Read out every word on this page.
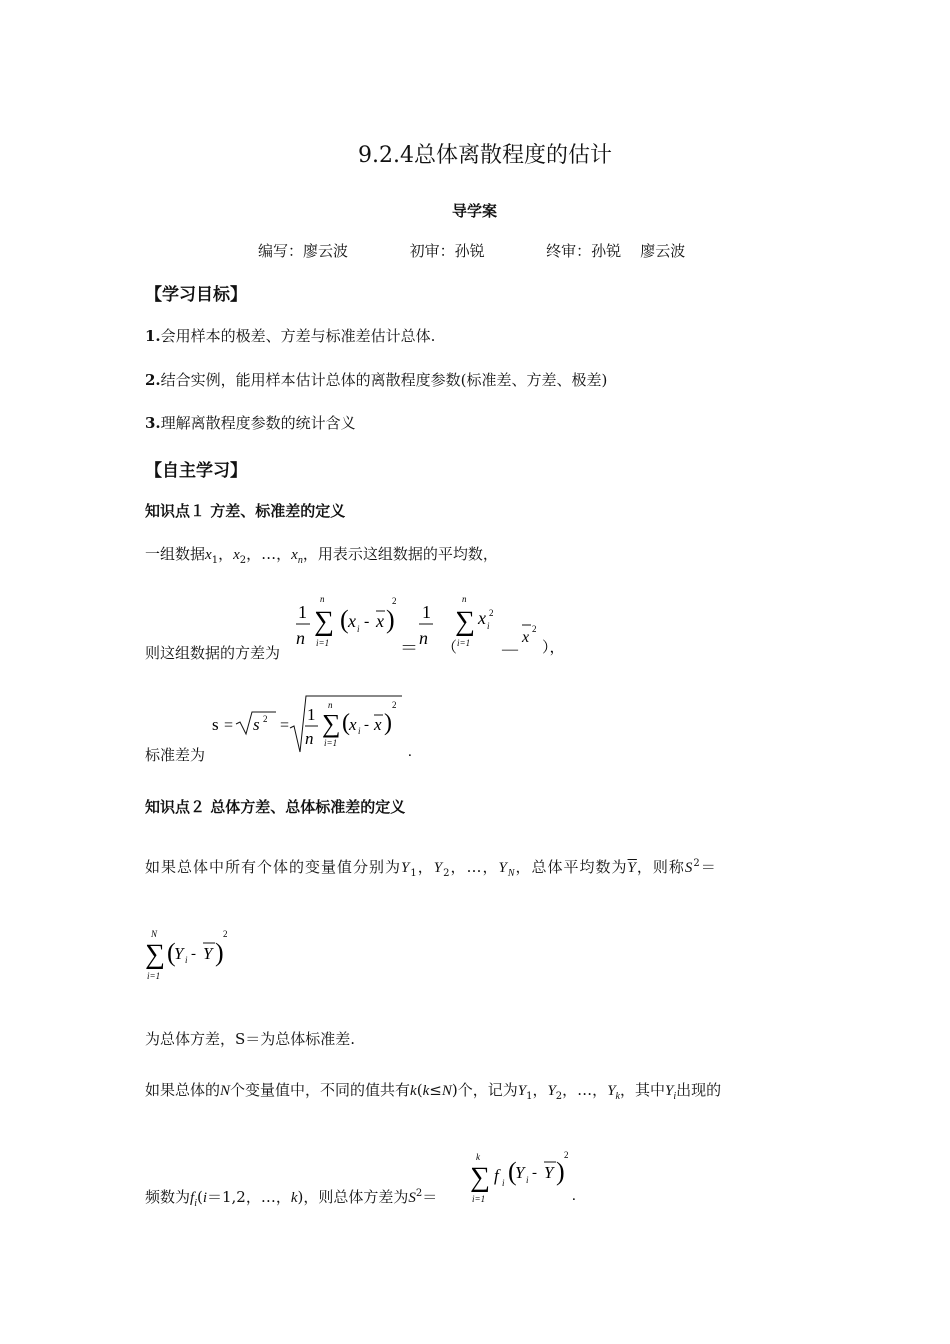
9.2.4总体离散程度的估计
导学案
编写：廖云波	初审：孙锐	终审：孙锐    廖云波
【学习目标】
1.会用样本的极差、方差与标准差估计总体.
2.结合实例，能用样本估计总体的离散程度参数(标准差、方差、极差)
3.理解离散程度参数的统计含义
【自主学习】
知识点１ 方差、标准差的定义
一组数据$x_1$，$x_2$，…，$x_n$，用表示这组数据的平均数，
则这组数据的方差为
1
n
n
∑
i=1
( x i - x )
2
＝
1
n （
n
∑
i=1
x i
2
—
x 2
），
标准差为
s = s 2 =
1
n
n
∑
i=1
( x i - x )
2
.
知识点２ 总体方差、总体标准差的定义
如果总体中所有个体的变量值分别为$Y_1$，$Y_2$，…，$Y_N$，总体平均数为$\overline{Y}$，则称$S^2=$
N
∑
i=1
(
Y i - Y )
2
为总体方差，S＝为总体标准差.
如果总体的N个变量值中，不同的值共有k(k≤N)个，记为$Y_1$，$Y_2$，…，$Y_k$，其中$Y_i$出现的
频数为$f_i(i=1,2$，…，k)，则总体方差为$S^2=$
k
∑
i=1
f i (
Y i - Y )
2
.
